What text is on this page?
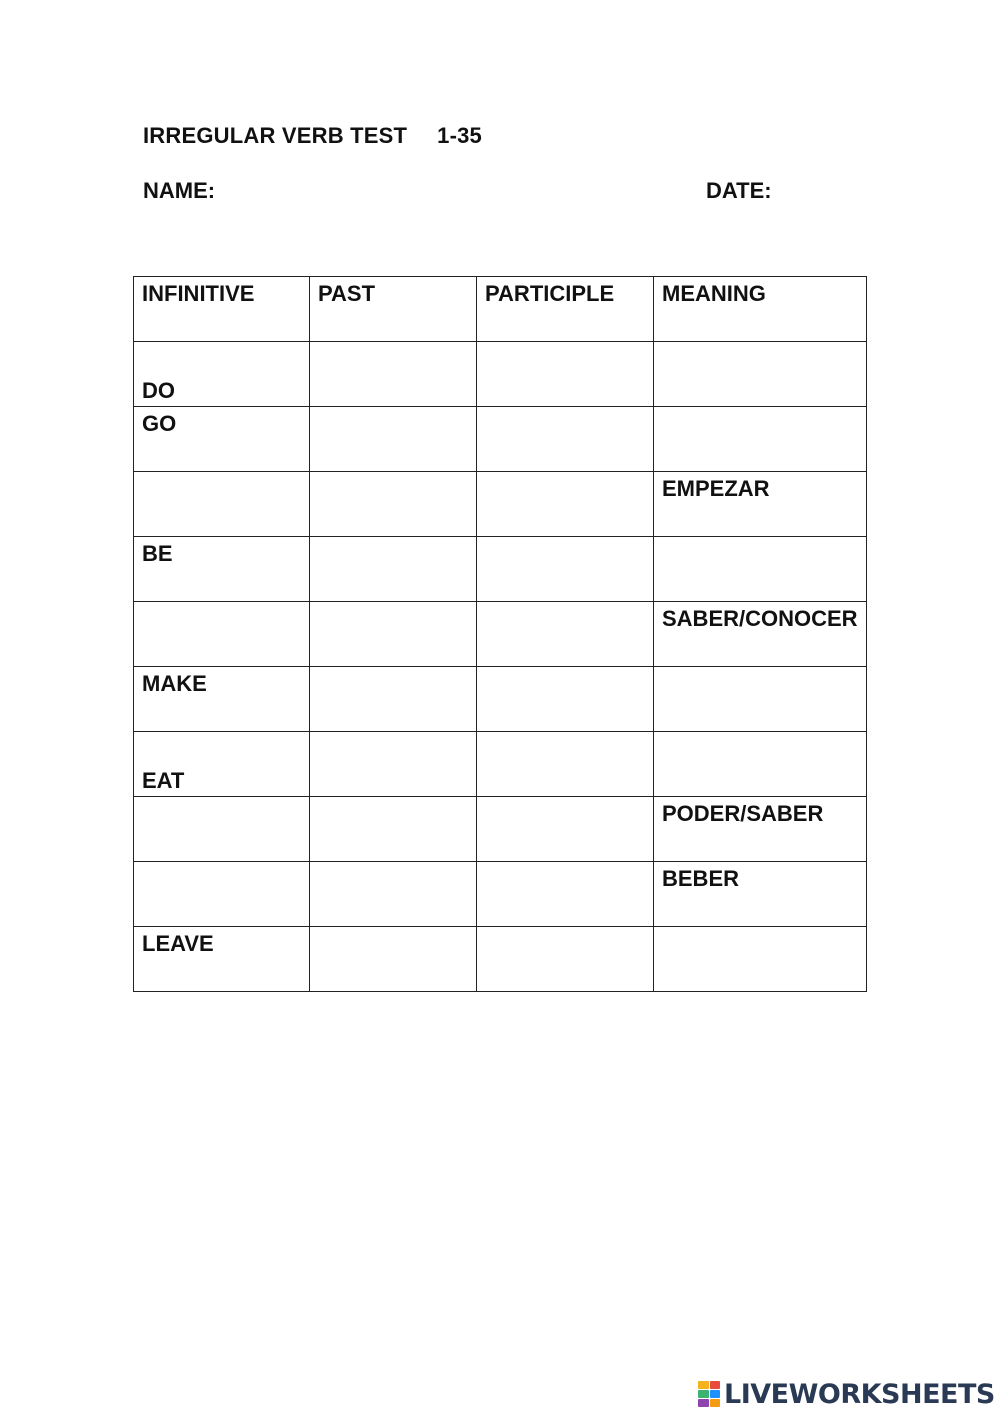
IRREGULAR VERB TEST 1-35
NAME:	DATE:
INFINITIVE	PAST	PARTICIPLE	MEANING
DO			
GO			
			EMPEZAR
BE			
			SABER/CONOCER
MAKE			
EAT			
			PODER/SABER
			BEBER
LEAVE			
LIVEWORKSHEETS
